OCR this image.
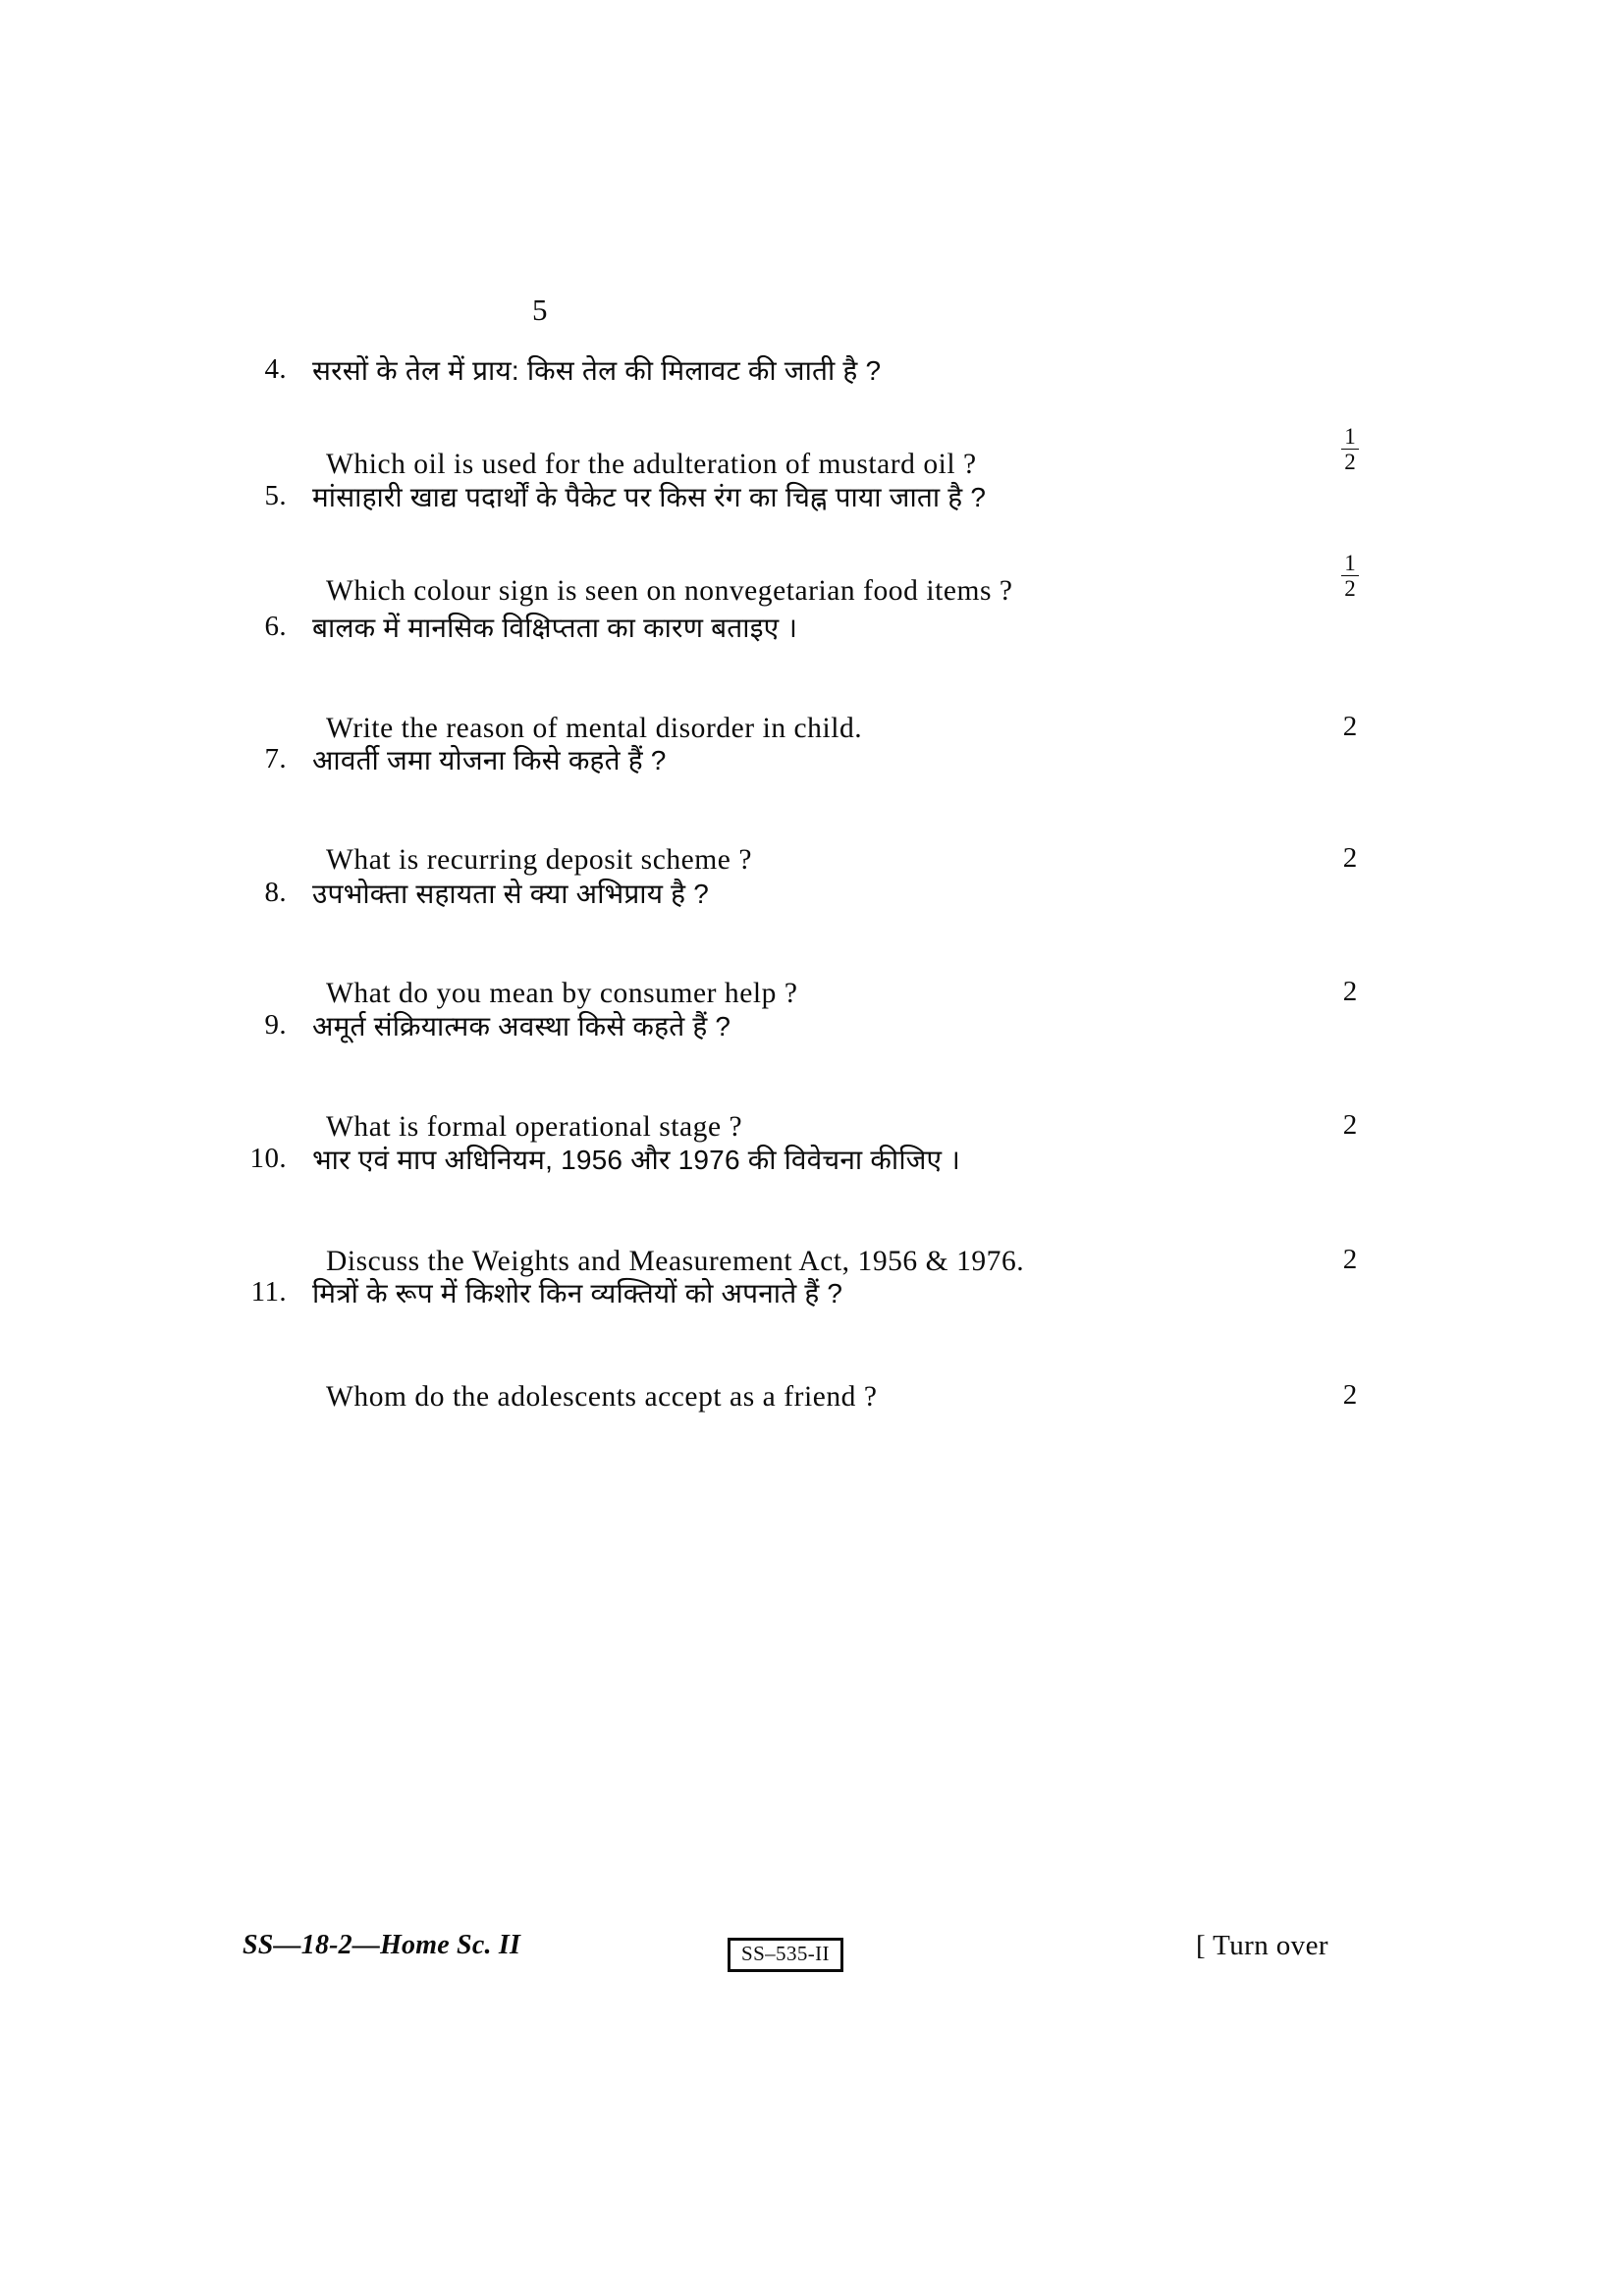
5
4. सरसों के तेल में प्राय: किस तेल की मिलावट की जाती है ?
Which oil is used for the adulteration of mustard oil ?	$\frac{1}{2}$
5. मांसाहारी खाद्य पदार्थों के पैकेट पर किस रंग का चिह्न पाया जाता है ?
Which colour sign is seen on nonvegetarian food items ?	$\frac{1}{2}$
6. बालक में मानसिक विक्षिप्तता का कारण बताइए ।
Write the reason of mental disorder in child.	2
7. आवर्ती जमा योजना किसे कहते हैं ?
What is recurring deposit scheme ?	2
8. उपभोक्ता सहायता से क्या अभिप्राय है ?
What do you mean by consumer help ?	2
9. अमूर्त संक्रियात्मक अवस्था किसे कहते हैं ?
What is formal operational stage ?	2
10. भार एवं माप अधिनियम, 1956 और 1976 की विवेचना कीजिए ।
Discuss the Weights and Measurement Act, 1956 & 1976.	2
11. मित्रों के रूप में किशोर किन व्यक्तियों को अपनाते हैं ?
Whom do the adolescents accept as a friend ?	2
SS—18-2—Home Sc. II	SS–535-II	[ Turn over
